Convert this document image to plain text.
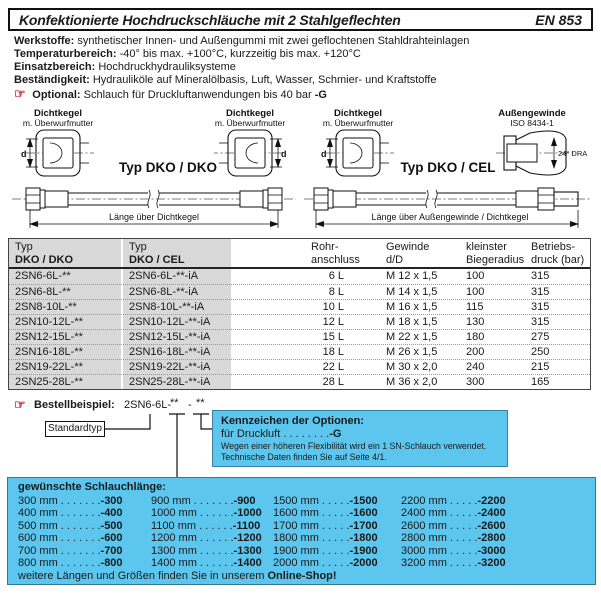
Konfektionierte Hochdruckschläuche mit 2 Stahlgeflechten	EN 853
Werkstoffe: synthetischer Innen- und Außengummi mit zwei geflochtenen Stahldrahteinlagen
Temperaturbereich: -40° bis max. +100°C, kurzzeitig bis max. +120°C
Einsatzbereich: Hochdruckhydrauliksysteme
Beständigkeit: Hydrauliköle auf Mineralölbasis, Luft, Wasser, Schmier- und Kraftstoffe
☞ Optional: Schlauch für Druckluftanwendungen bis 40 bar -G
Dichtkegel
m. Überwurfmutter
Dichtkegel
m. Überwurfmutter
d	d
Typ DKO / DKO
Länge über Dichtkegel
Dichtkegel
m. Überwurfmutter
Außengewinde
ISO 8434-1
d	24° DRA
Typ DKO / CEL
Länge über Außengewinde / Dichtkegel
Typ
DKO / DKO
Typ
DKO / CEL
Rohr-
anschluss
Gewinde
d/D
kleinster
Biegeradius
Betriebs-
druck (bar)
2SN6-6L-**	2SN6-6L-**-iA	6 L	M 12 x 1,5	100	315
2SN6-8L-**	2SN6-8L-**-iA	8 L	M 14 x 1,5	100	315
2SN8-10L-**	2SN8-10L-**-iA	10 L	M 16 x 1,5	115	315
2SN10-12L-**	2SN10-12L-**-iA	12 L	M 18 x 1,5	130	315
2SN12-15L-**	2SN12-15L-**-iA	15 L	M 22 x 1,5	180	275
2SN16-18L-**	2SN16-18L-**-iA	18 L	M 26 x 1,5	200	250
2SN19-22L-**	2SN19-22L-**-iA	22 L	M 30 x 2,0	240	215
2SN25-28L-**	2SN25-28L-**-iA	28 L	M 36 x 2,0	300	165
☞ Bestellbeispiel: 2SN6-6L-
** - **
Standardtyp
Kennzeichen der Optionen:
für Druckluft . . . . . . . .-G
Wegen einer höheren Flexibilität wird ein 1 SN-Schlauch verwendet.
Technische Daten finden Sie auf Seite 4/1.
gewünschte Schlauchlänge:
300 mm . . . . . . .-300
400 mm . . . . . . .-400
500 mm . . . . . . .-500
600 mm . . . . . . .-600
700 mm . . . . . . .-700
800 mm . . . . . . .-800
900 mm . . . . . . .-900
1000 mm . . . . . .-1000
1100 mm . . . . . .-1100
1200 mm . . . . . .-1200
1300 mm . . . . . .-1300
1400 mm . . . . . .-1400
1500 mm . . . . .-1500
1600 mm . . . . .-1600
1700 mm . . . . .-1700
1800 mm . . . . .-1800
1900 mm . . . . .-1900
2000 mm . . . . .-2000
2200 mm . . . . .-2200
2400 mm . . . . .-2400
2600 mm . . . . .-2600
2800 mm . . . . .-2800
3000 mm . . . . .-3000
3200 mm . . . . .-3200
weitere Längen und Größen finden Sie in unserem Online-Shop!
